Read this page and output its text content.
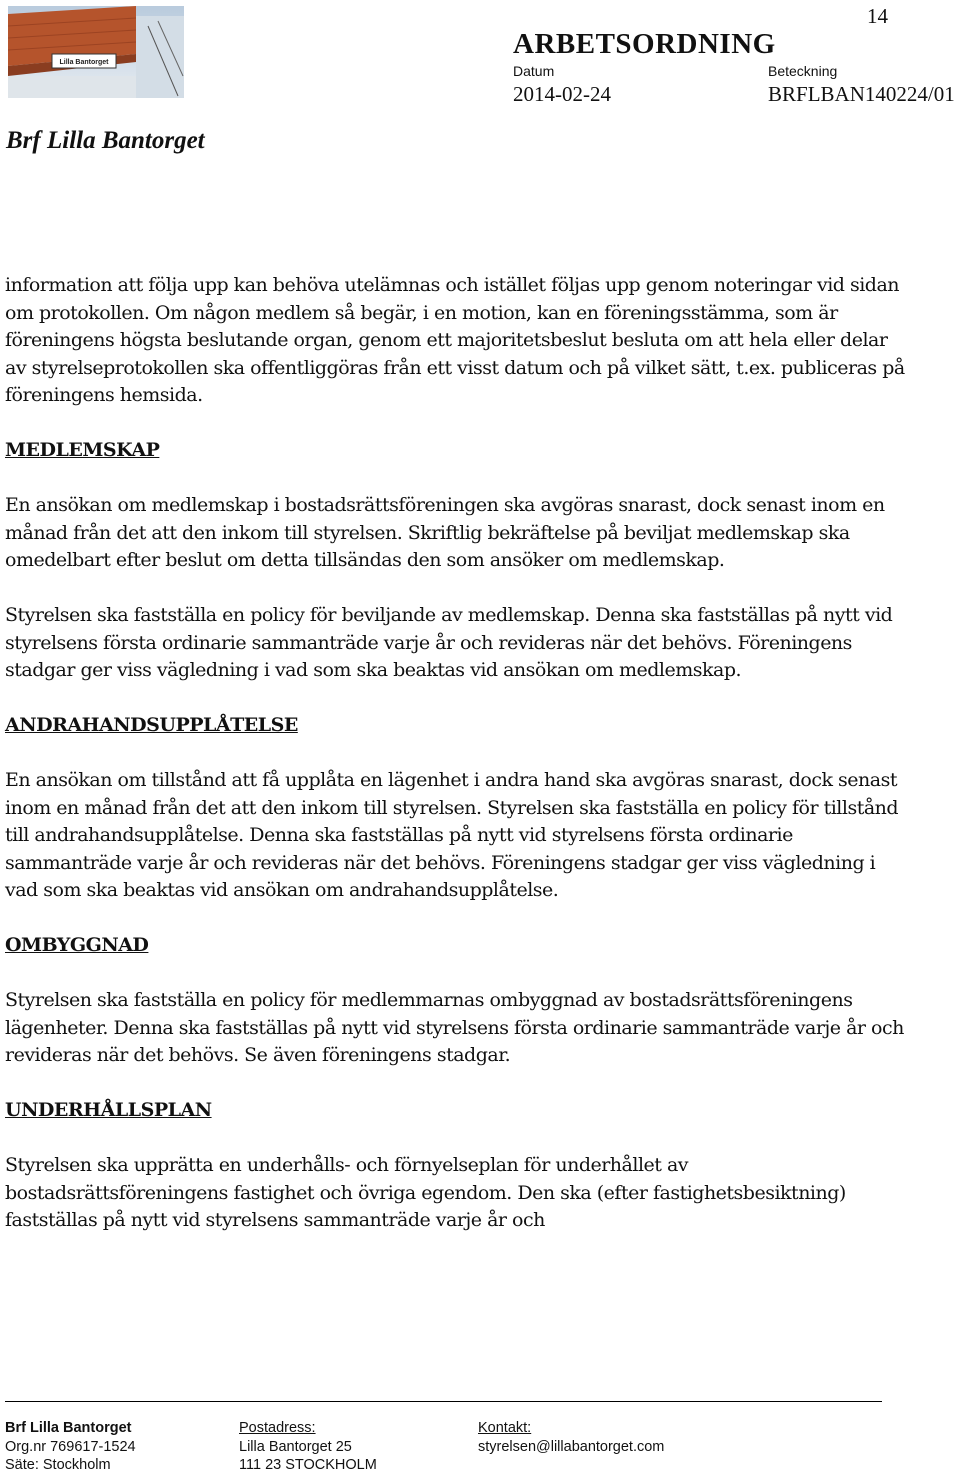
14
Lilla Bantorget
Brf Lilla Bantorget
ARBETSORDNING
Datum
2014-02-24
Beteckning
BRFLBAN140224/01

information att följa upp kan behöva utelämnas och istället följas upp genom noteringar vid sidan om protokollen. Om någon medlem så begär, i en motion, kan en föreningsstämma, som är föreningens högsta beslutande organ, genom ett majoritetsbeslut besluta om att hela eller delar av styrelseprotokollen ska offentliggöras från ett visst datum och på vilket sätt, t.ex. publiceras på föreningens hemsida.

MEDLEMSKAP

En ansökan om medlemskap i bostadsrättsföreningen ska avgöras snarast, dock senast inom en månad från det att den inkom till styrelsen. Skriftlig bekräftelse på beviljat medlemskap ska omedelbart efter beslut om detta tillsändas den som ansöker om medlemskap.

Styrelsen ska fastställa en policy för beviljande av medlemskap. Denna ska fastställas på nytt vid styrelsens första ordinarie sammanträde varje år och revideras när det behövs. Föreningens stadgar ger viss vägledning i vad som ska beaktas vid ansökan om medlemskap.

ANDRAHANDSUPPLÅTELSE

En ansökan om tillstånd att få upplåta en lägenhet i andra hand ska avgöras snarast, dock senast inom en månad från det att den inkom till styrelsen. Styrelsen ska fastställa en policy för tillstånd till andrahandsupplåtelse. Denna ska fastställas på nytt vid styrelsens första ordinarie sammanträde varje år och revideras när det behövs. Föreningens stadgar ger viss vägledning i vad som ska beaktas vid ansökan om andrahandsupplåtelse.

OMBYGGNAD

Styrelsen ska fastställa en policy för medlemmarnas ombyggnad av bostadsrättsföreningens lägenheter. Denna ska fastställas på nytt vid styrelsens första ordinarie sammanträde varje år och revideras när det behövs. Se även föreningens stadgar.

UNDERHÅLLSPLAN

Styrelsen ska upprätta en underhålls- och förnyelseplan för underhållet av bostadsrättsföreningens fastighet och övriga egendom. Den ska (efter fastighetsbesiktning) fastställas på nytt vid styrelsens sammanträde varje år och

Brf Lilla Bantorget
Org.nr 769617-1524
Säte: Stockholm
Postadress:
Lilla Bantorget 25
111 23 STOCKHOLM
Kontakt:
styrelsen@lillabantorget.com
